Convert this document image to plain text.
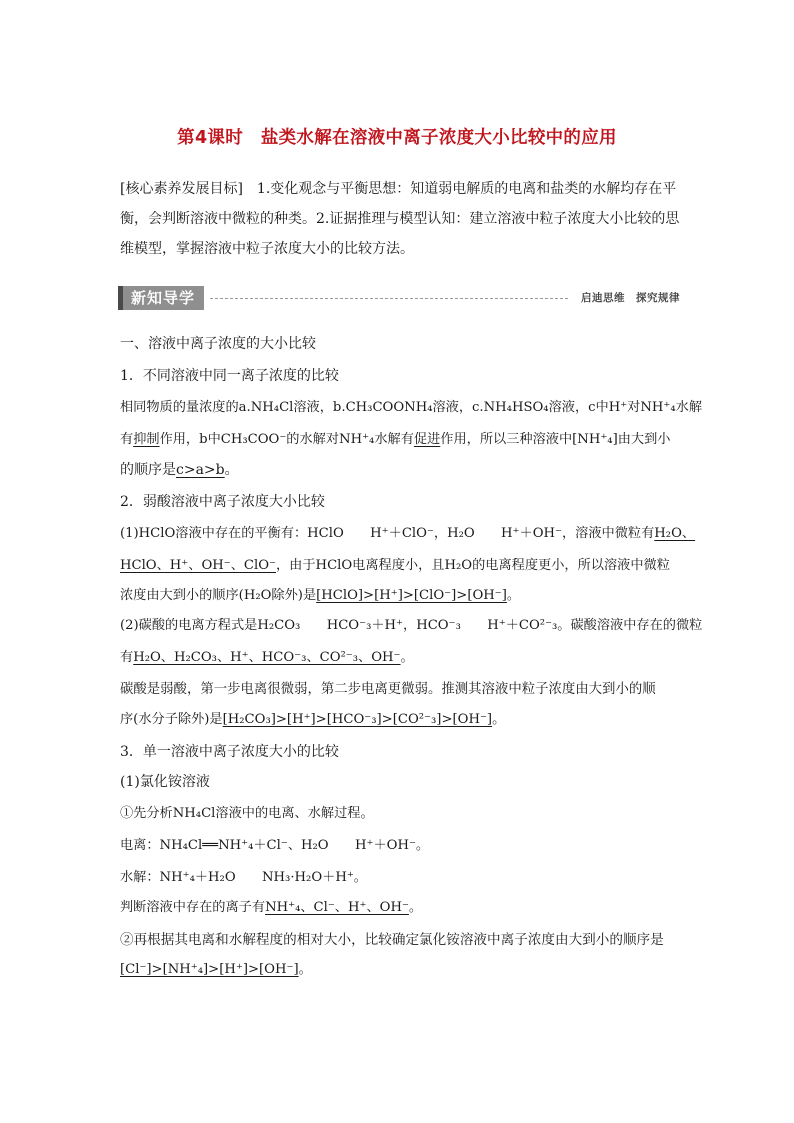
第4课时　盐类水解在溶液中离子浓度大小比较中的应用
[核心素养发展目标]　1.变化观念与平衡思想：知道弱电解质的电离和盐类的水解均存在平
衡，会判断溶液中微粒的种类。2.证据推理与模型认知：建立溶液中粒子浓度大小比较的思
维模型，掌握溶液中粒子浓度大小的比较方法。
新知导学	启迪思维　探究规律
一、溶液中离子浓度的大小比较
1．不同溶液中同一离子浓度的比较
相同物质的量浓度的a.NH₄Cl溶液，b.CH₃COONH₄溶液，c.NH₄HSO₄溶液，c中H⁺对NH⁺₄水解
有抑制作用，b中CH₃COO⁻的水解对NH⁺₄水解有促进作用，所以三种溶液中[NH⁺₄]由大到小
的顺序是c>a>b。
2．弱酸溶液中离子浓度大小比较
(1)HClO溶液中存在的平衡有：HClO　　H⁺＋ClO⁻，H₂O　　H⁺＋OH⁻，溶液中微粒有H₂O、
HClO、H⁺、OH⁻、ClO⁻，由于HClO电离程度小，且H₂O的电离程度更小，所以溶液中微粒
浓度由大到小的顺序(H₂O除外)是[HClO]>[H⁺]>[ClO⁻]>[OH⁻]。
(2)碳酸的电离方程式是H₂CO₃　　HCO⁻₃＋H⁺，HCO⁻₃　　H⁺＋CO²⁻₃。碳酸溶液中存在的微粒
有H₂O、H₂CO₃、H⁺、HCO⁻₃、CO²⁻₃、OH⁻。
碳酸是弱酸，第一步电离很微弱，第二步电离更微弱。推测其溶液中粒子浓度由大到小的顺
序(水分子除外)是[H₂CO₃]>[H⁺]>[HCO⁻₃]>[CO²⁻₃]>[OH⁻]。
3．单一溶液中离子浓度大小的比较
(1)氯化铵溶液
①先分析NH₄Cl溶液中的电离、水解过程。
电离：NH₄Cl══NH⁺₄＋Cl⁻、H₂O　　H⁺＋OH⁻。
水解：NH⁺₄＋H₂O　　NH₃·H₂O＋H⁺。
判断溶液中存在的离子有NH⁺₄、Cl⁻、H⁺、OH⁻。
②再根据其电离和水解程度的相对大小，比较确定氯化铵溶液中离子浓度由大到小的顺序是
[Cl⁻]>[NH⁺₄]>[H⁺]>[OH⁻]。
